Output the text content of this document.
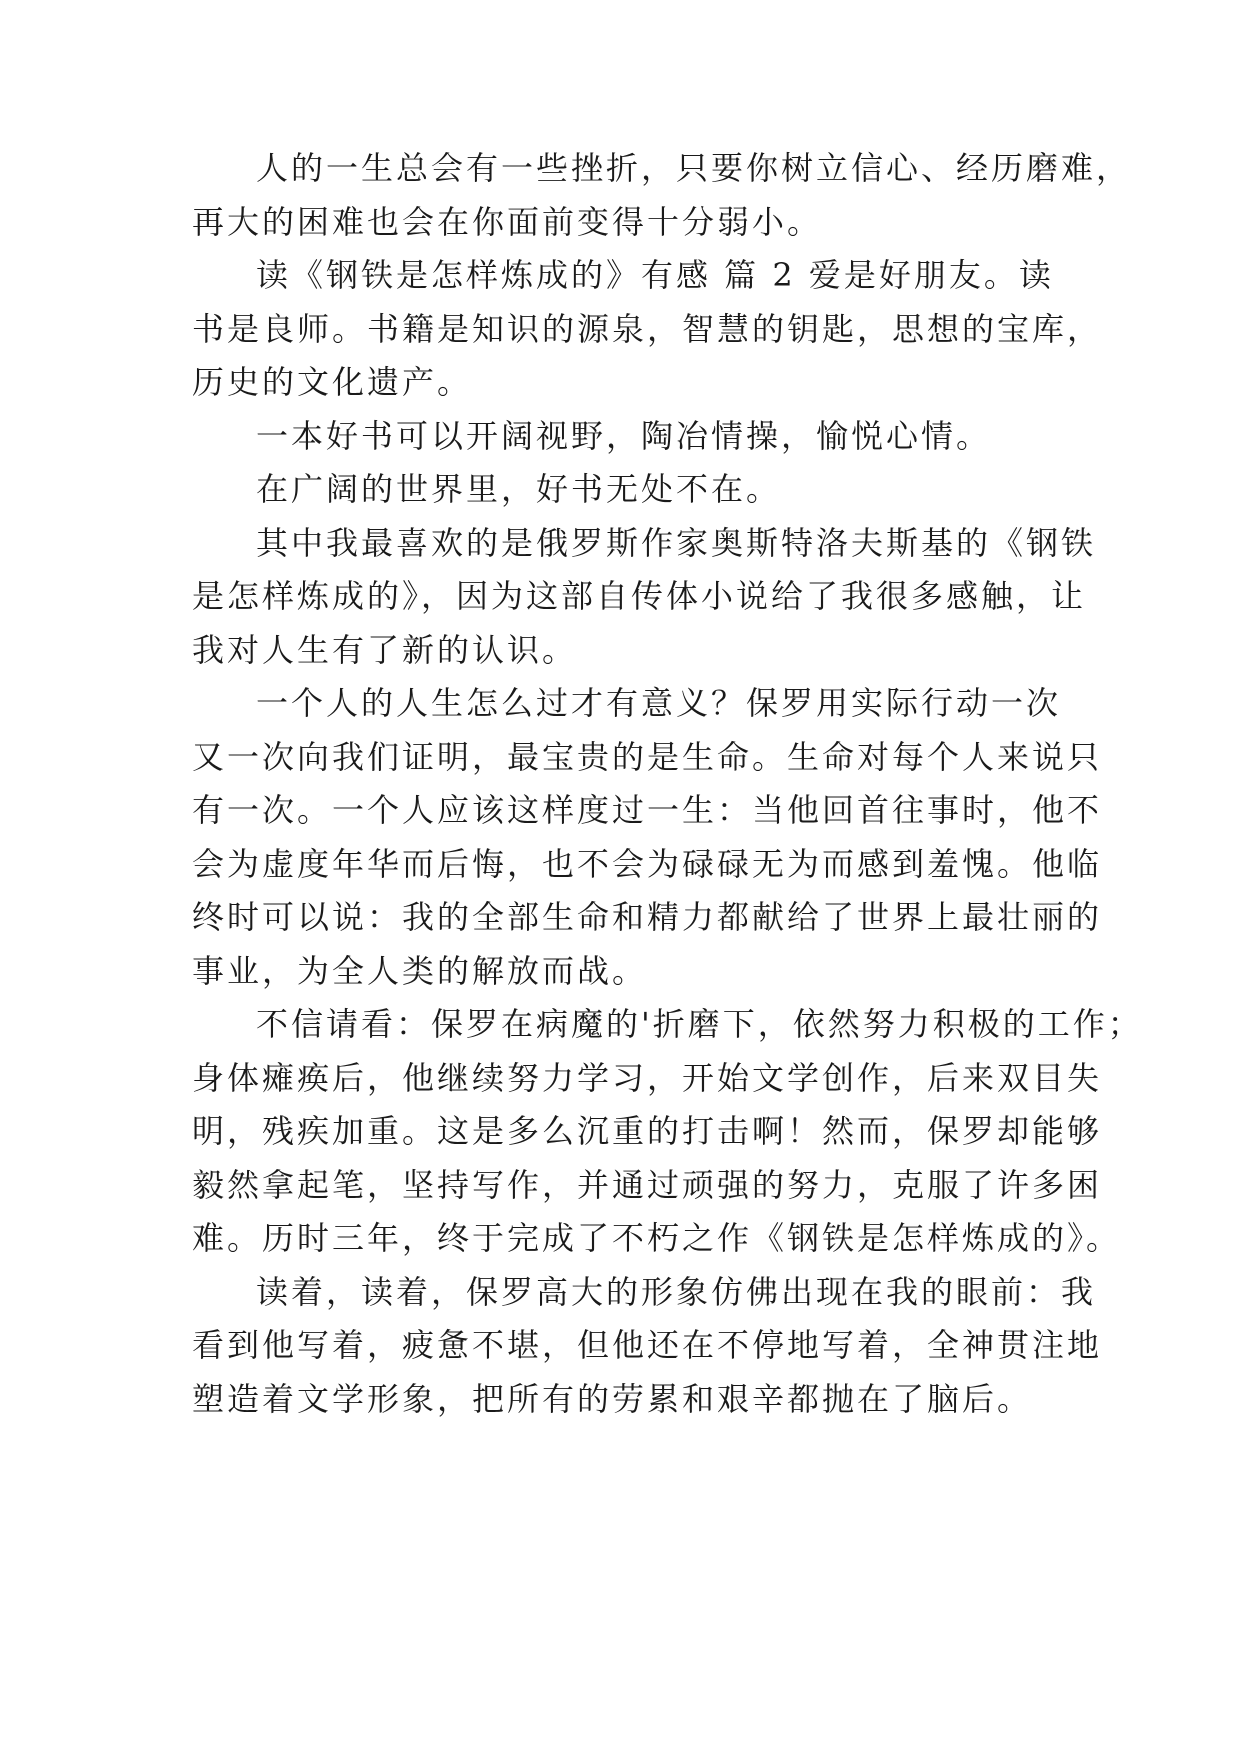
人的一生总会有一些挫折，只要你树立信心、经历磨难，
再大的困难也会在你面前变得十分弱小。
读《钢铁是怎样炼成的》有感 篇 2 爱是好朋友。读
书是良师。书籍是知识的源泉，智慧的钥匙，思想的宝库，
历史的文化遗产。
一本好书可以开阔视野，陶冶情操，愉悦心情。
在广阔的世界里，好书无处不在。
其中我最喜欢的是俄罗斯作家奥斯特洛夫斯基的《钢铁
是怎样炼成的》，因为这部自传体小说给了我很多感触，让
我对人生有了新的认识。
一个人的人生怎么过才有意义？保罗用实际行动一次
又一次向我们证明，最宝贵的是生命。生命对每个人来说只
有一次。一个人应该这样度过一生：当他回首往事时，他不
会为虚度年华而后悔，也不会为碌碌无为而感到羞愧。他临
终时可以说：我的全部生命和精力都献给了世界上最壮丽的
事业，为全人类的解放而战。
不信请看：保罗在病魔的'折磨下，依然努力积极的工作；
身体瘫痪后，他继续努力学习，开始文学创作，后来双目失
明，残疾加重。这是多么沉重的打击啊！然而，保罗却能够
毅然拿起笔，坚持写作，并通过顽强的努力，克服了许多困
难。历时三年，终于完成了不朽之作《钢铁是怎样炼成的》。
读着，读着，保罗高大的形象仿佛出现在我的眼前：我
看到他写着，疲惫不堪，但他还在不停地写着，全神贯注地
塑造着文学形象，把所有的劳累和艰辛都抛在了脑后。
